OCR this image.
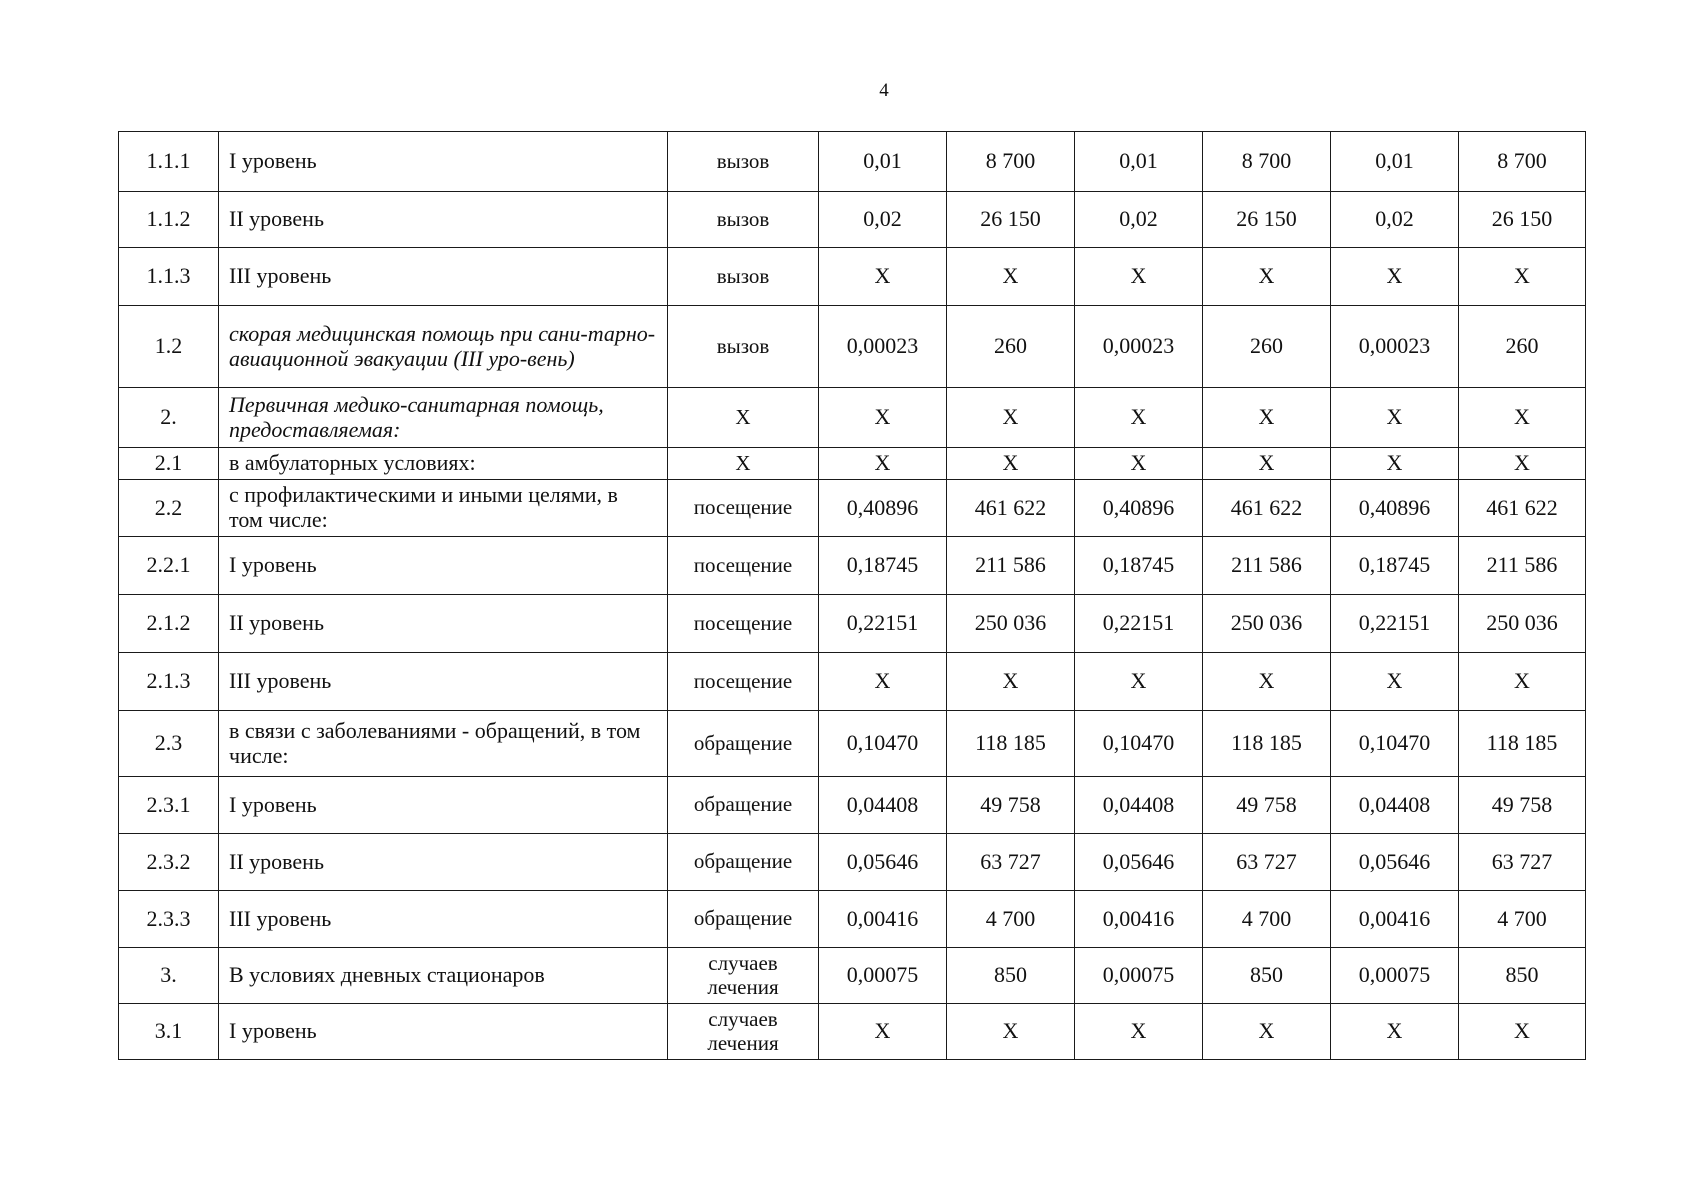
4
1.1.1	I уровень	вызов	0,01	8 700	0,01	8 700	0,01	8 700
1.1.2	II уровень	вызов	0,02	26 150	0,02	26 150	0,02	26 150
1.1.3	III уровень	вызов	X	X	X	X	X	X
1.2	скорая медицинская помощь при сани-тарно-авиационной эвакуации (III уро-вень)	вызов	0,00023	260	0,00023	260	0,00023	260
2.	Первичная медико-санитарная помощь, предоставляемая:	X	X	X	X	X	X	X
2.1	в амбулаторных условиях:	X	X	X	X	X	X	X
2.2	с профилактическими и иными целями, в том числе:	посещение	0,40896	461 622	0,40896	461 622	0,40896	461 622
2.2.1	I уровень	посещение	0,18745	211 586	0,18745	211 586	0,18745	211 586
2.1.2	II уровень	посещение	0,22151	250 036	0,22151	250 036	0,22151	250 036
2.1.3	III уровень	посещение	X	X	X	X	X	X
2.3	в связи с заболеваниями - обращений, в том числе:	обращение	0,10470	118 185	0,10470	118 185	0,10470	118 185
2.3.1	I уровень	обращение	0,04408	49 758	0,04408	49 758	0,04408	49 758
2.3.2	II уровень	обращение	0,05646	63 727	0,05646	63 727	0,05646	63 727
2.3.3	III уровень	обращение	0,00416	4 700	0,00416	4 700	0,00416	4 700
3.	В условиях дневных стационаров	случаев лечения	0,00075	850	0,00075	850	0,00075	850
3.1	I уровень	случаев лечения	X	X	X	X	X	X
